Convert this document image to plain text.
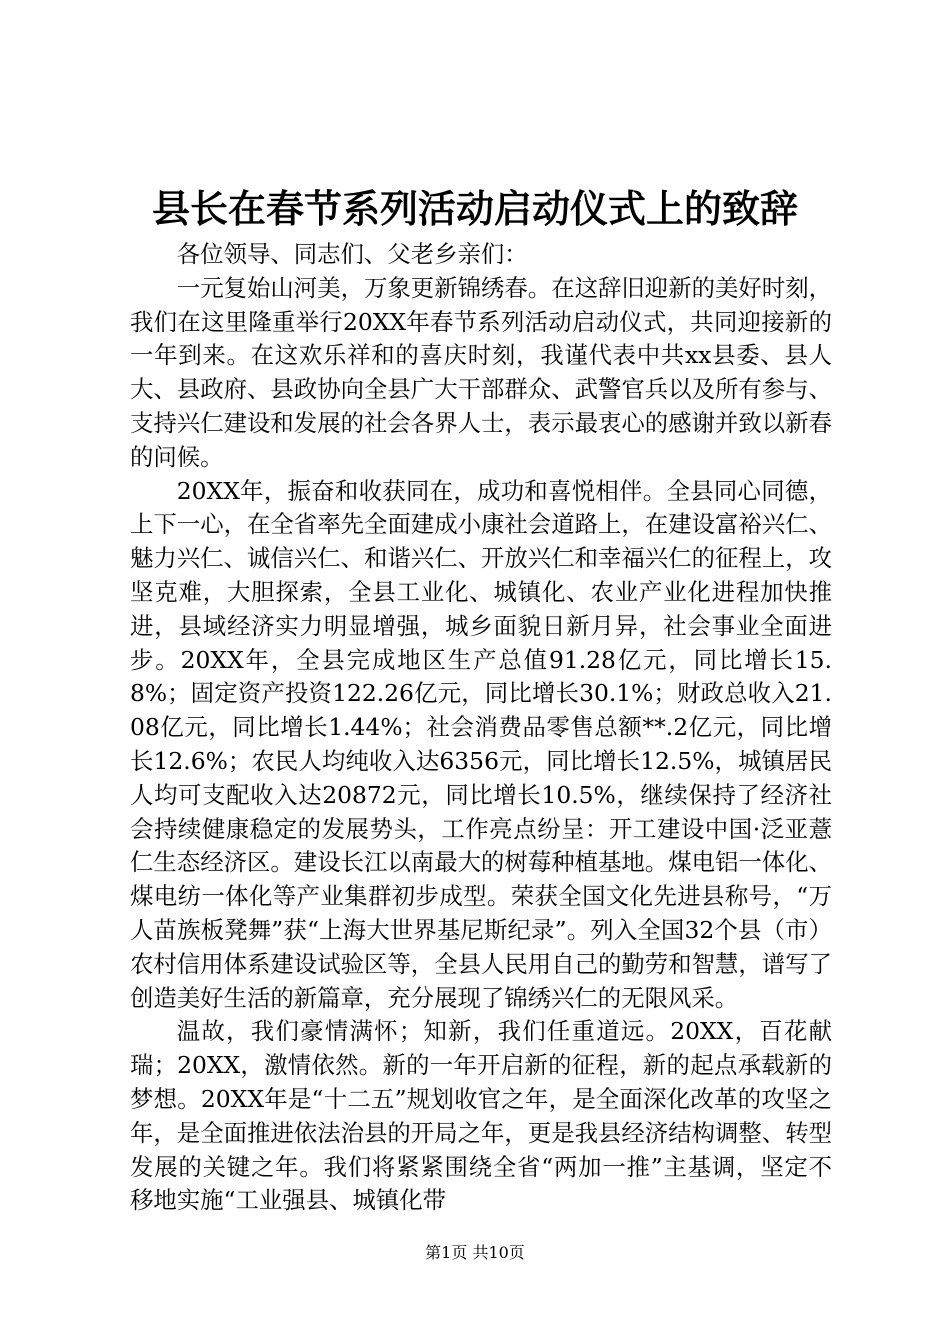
县长在春节系列活动启动仪式上的致辞

各位领导、同志们、父老乡亲们：

一元复始山河美，万象更新锦绣春。在这辞旧迎新的美好时刻，我们在这里隆重举行20XX年春节系列活动启动仪式，共同迎接新的一年到来。在这欢乐祥和的喜庆时刻，我谨代表中共xx县委、县人大、县政府、县政协向全县广大干部群众、武警官兵以及所有参与、支持兴仁建设和发展的社会各界人士，表示最衷心的感谢并致以新春的问候。

20XX年，振奋和收获同在，成功和喜悦相伴。全县同心同德，上下一心，在全省率先全面建成小康社会道路上，在建设富裕兴仁、魅力兴仁、诚信兴仁、和谐兴仁、开放兴仁和幸福兴仁的征程上，攻坚克难，大胆探索，全县工业化、城镇化、农业产业化进程加快推进，县域经济实力明显增强，城乡面貌日新月异，社会事业全面进步。20XX年，全县完成地区生产总值91.28亿元，同比增长15.8%；固定资产投资122.26亿元，同比增长30.1%；财政总收入21.08亿元，同比增长1.44%；社会消费品零售总额**.2亿元，同比增长12.6%；农民人均纯收入达6356元，同比增长12.5%，城镇居民人均可支配收入达20872元，同比增长10.5%，继续保持了经济社会持续健康稳定的发展势头，工作亮点纷呈：开工建设中国·泛亚薏仁生态经济区。建设长江以南最大的树莓种植基地。煤电铝一体化、煤电纺一体化等产业集群初步成型。荣获全国文化先进县称号，“万人苗族板凳舞”获“上海大世界基尼斯纪录”。列入全国32个县（市）农村信用体系建设试验区等，全县人民用自己的勤劳和智慧，谱写了创造美好生活的新篇章，充分展现了锦绣兴仁的无限风采。

温故，我们豪情满怀；知新，我们任重道远。20XX，百花献瑞；20XX，激情依然。新的一年开启新的征程，新的起点承载新的梦想。20XX年是“十二五”规划收官之年，是全面深化改革的攻坚之年，是全面推进依法治县的开局之年，更是我县经济结构调整、转型发展的关键之年。我们将紧紧围绕全省“两加一推”主基调，坚定不移地实施“工业强县、城镇化带

第1页 共10页
